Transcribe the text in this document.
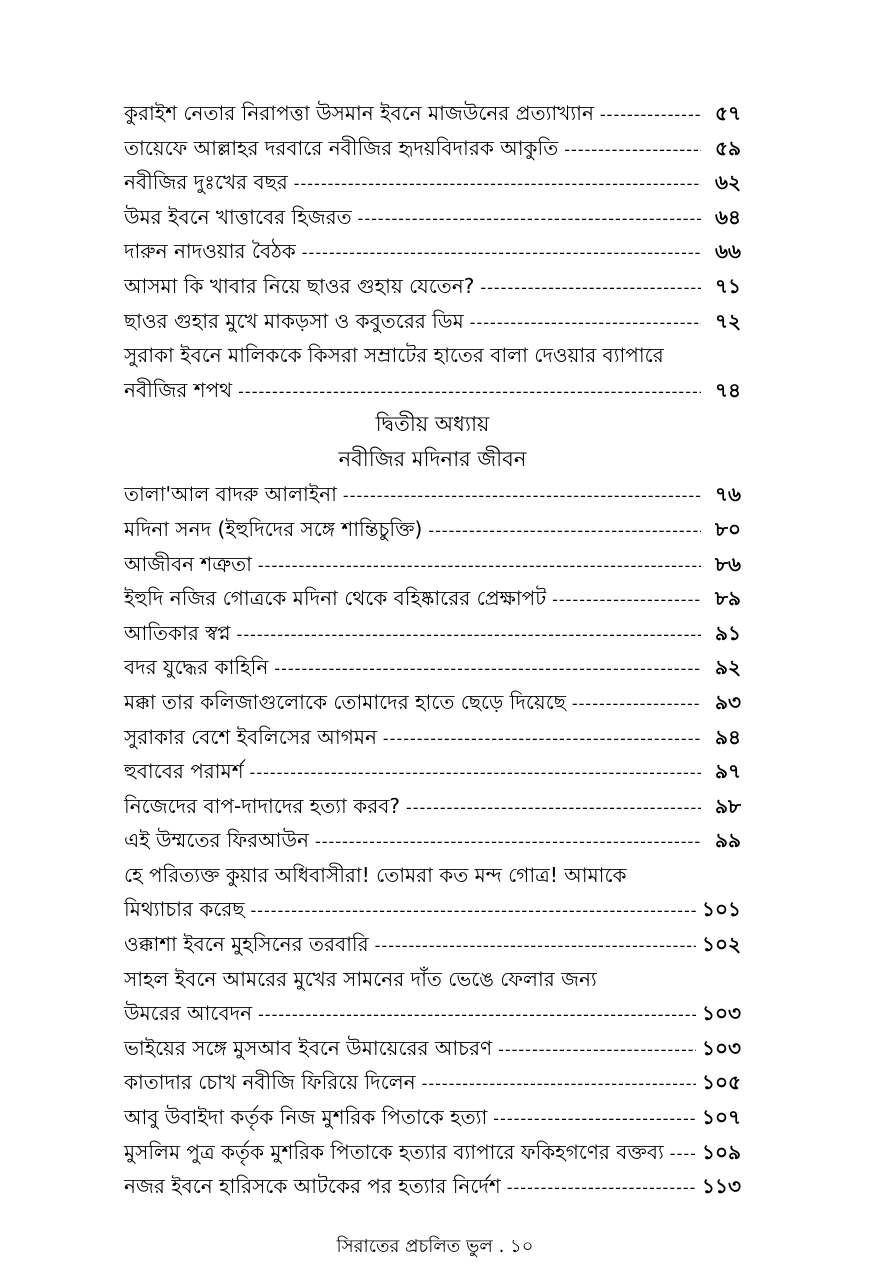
কুরাইশ নেতার নিরাপত্তা উসমান ইবনে মাজউনের প্রত্যাখ্যান -----	৫৭
তায়েফে আল্লাহর দরবারে নবীজির হৃদয়বিদারক আকুতি -----	৫৯
নবীজির দুঃখের বছর -----	৬২
উমর ইবনে খাত্তাবের হিজরত -----	৬৪
দারুন নাদওয়ার বৈঠক -----	৬৬
আসমা কি খাবার নিয়ে ছাওর গুহায় যেতেন? -----	৭১
ছাওর গুহার মুখে মাকড়সা ও কবুতরের ডিম -----	৭২
সুরাকা ইবনে মালিককে কিসরা সম্রাটের হাতের বালা দেওয়ার ব্যাপারে
নবীজির শপথ -----	৭৪
দ্বিতীয় অধ্যায়
নবীজির মদিনার জীবন
তালা'আল বাদরু আলাইনা -----	৭৬
মদিনা সনদ (ইহুদিদের সঙ্গে শান্তিচুক্তি) -----	৮০
আজীবন শত্রুতা -----	৮৬
ইহুদি নজির গোত্রকে মদিনা থেকে বহিষ্কারের প্রেক্ষাপট -----	৮৯
আতিকার স্বপ্ন -----	৯১
বদর যুদ্ধের কাহিনি -----	৯২
মক্কা তার কলিজাগুলোকে তোমাদের হাতে ছেড়ে দিয়েছে -----	৯৩
সুরাকার বেশে ইবলিসের আগমন -----	৯৪
হুবাবের পরামর্শ -----	৯৭
নিজেদের বাপ-দাদাদের হত্যা করব? -----	৯৮
এই উম্মতের ফিরআউন -----	৯৯
হে পরিত্যক্ত কুয়ার অধিবাসীরা! তোমরা কত মন্দ গোত্র! আমাকে
মিথ্যাচার করেছ -----	১০১
ওক্কাশা ইবনে মুহসিনের তরবারি -----	১০২
সাহল ইবনে আমরের মুখের সামনের দাঁত ভেঙে ফেলার জন্য
উমরের আবেদন -----	১০৩
ভাইয়ের সঙ্গে মুসআব ইবনে উমায়েরের আচরণ -----	১০৩
কাতাদার চোখ নবীজি ফিরিয়ে দিলেন -----	১০৫
আবু উবাইদা কর্তৃক নিজ মুশরিক পিতাকে হত্যা -----	১০৭
মুসলিম পুত্র কর্তৃক মুশরিক পিতাকে হত্যার ব্যাপারে ফকিহগণের বক্তব্য ----- ১০৯
নজর ইবনে হারিসকে আটকের পর হত্যার নির্দেশ -----	১১৩
সিরাতের প্রচলিত ভুল . ১০
